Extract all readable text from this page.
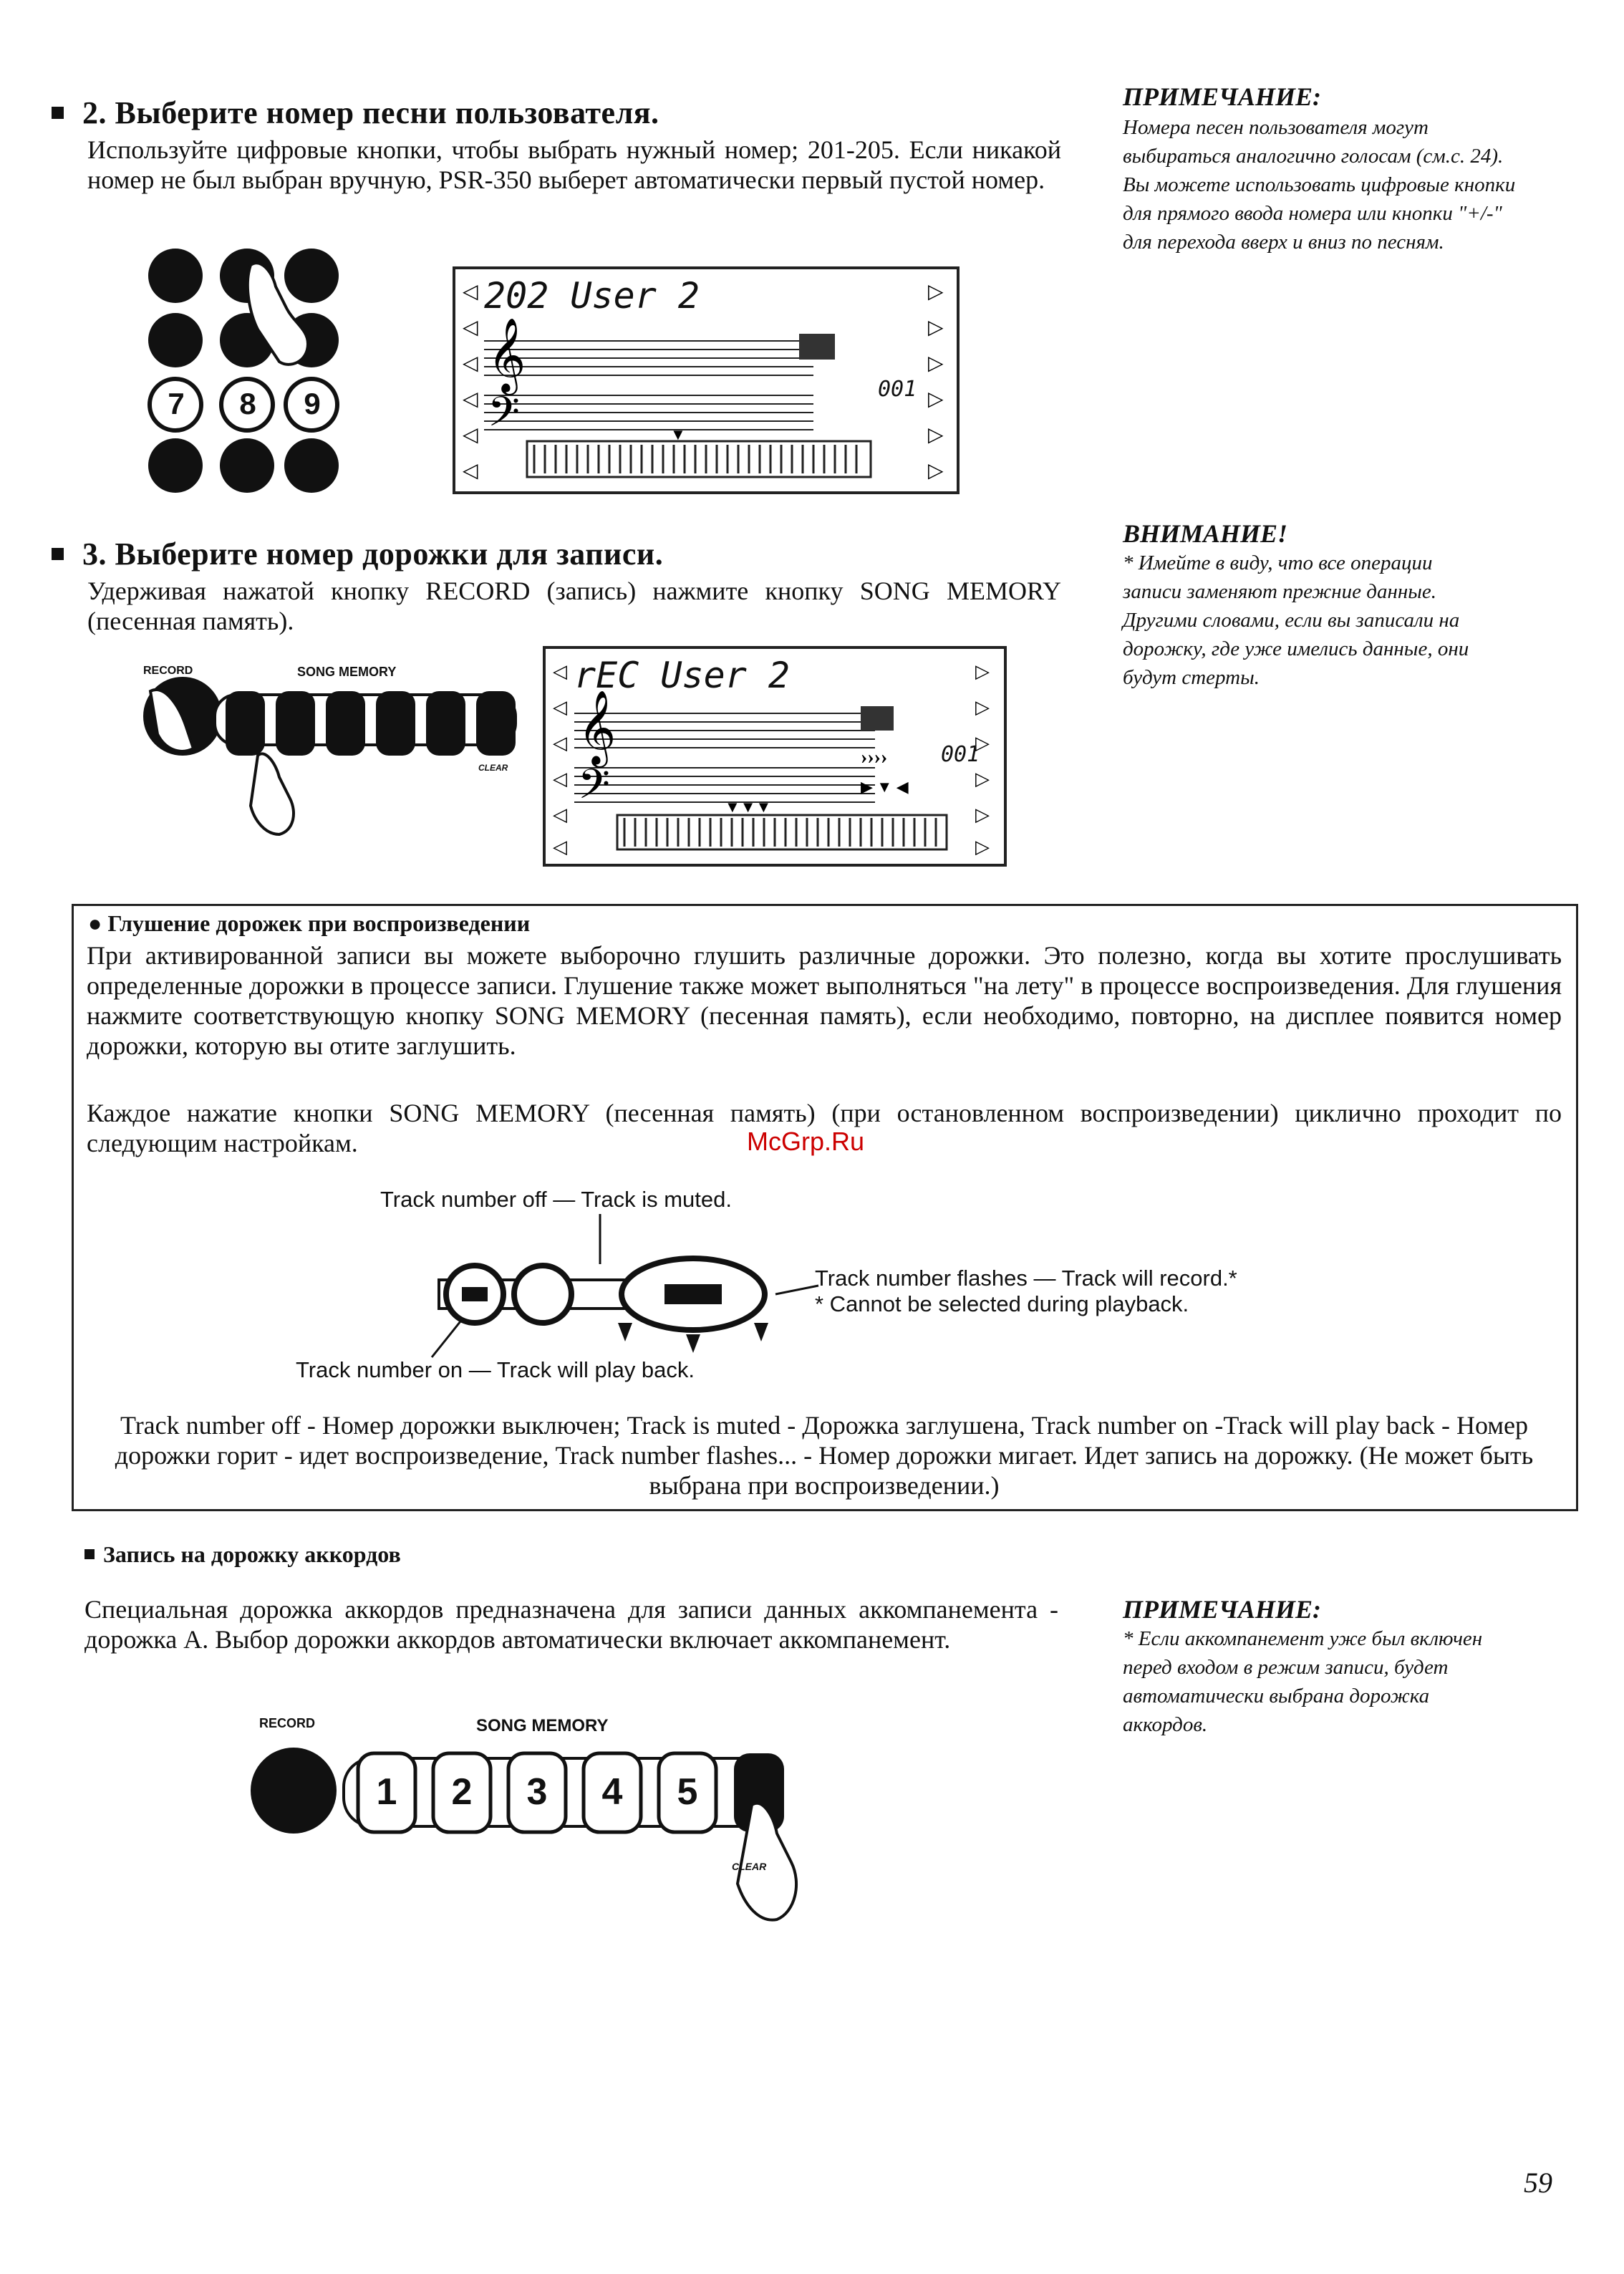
2. Выберите номер песни пользователя.
Используйте цифровые кнопки, чтобы выбрать нужный номер; 201-205. Если никакой номер не был выбран вручную, PSR-350 выберет автоматически первый пустой номер.
7 8 9
202 User 2
𝄞
𝄢
◁
◁
◁
◁
◁
◁
▷
▷
▷
▷
▷
▷
▼
001
ПРИМЕЧАНИЕ:
Номера песен пользователя могут выбираться аналогично голосам (см.с. 24). Вы можете использовать цифровые кнопки для прямого ввода номера или кнопки "+/-" для перехода вверх и вниз по песням.
3. Выберите номер дорожки для записи.
Удерживая нажатой кнопку RECORD (запись) нажмите кнопку SONG MEMORY (песенная память).
RECORD	SONG MEMORY
CLEAR
rEC User 2
𝄞
𝄢
››››
▶ ▼ ◀
◁
◁
◁
◁
◁
◁
▷
▷
▷
▷
▷
▷
▼▼▼
001
ВНИМАНИЕ!
* Имейте в виду, что все операции записи заменяют прежние данные. Другими словами, если вы записали на дорожку, где уже имелись данные, они будут стерты.
● Глушение дорожек при воспроизведении
При активированной записи вы можете выборочно глушить различные дорожки. Это полезно, когда вы хотите прослушивать определенные дорожки в процессе записи. Глушение также может выполняться "на лету" в процессе воспроизведения. Для глушения нажмите соответствующую кнопку SONG MEMORY (песенная память), если необходимо, повторно, на дисплее появится номер дорожки, которую вы отите заглушить.
Каждое нажатие кнопки SONG MEMORY (песенная память) (при остановленном воспроизведении) циклично проходит по следующим настройкам.	McGrp.Ru
Track number off — Track is muted.
Track number flashes — Track will record.*
* Cannot be selected during playback.
Track number on — Track will play back.
Track number off - Номер дорожки выключен; Track is muted - Дорожка заглушена, Track number on -Track will play back - Номер дорожки горит - идет воспроизведение, Track number flashes... - Номер дорожки мигает. Идет запись на дорожку. (Не может быть выбрана при воспроизведении.)
Запись на дорожку аккордов
Специальная дорожка аккордов предназначена для записи данных аккомпанемента - дорожка А. Выбор дорожки аккордов автоматически включает аккомпанемент.
RECORD	SONG MEMORY
CLEAR
1	2	3	4	5
ПРИМЕЧАНИЕ:
* Если аккомпанемент уже был включен перед входом в режим записи, будет автоматически выбрана дорожка аккордов.
59
